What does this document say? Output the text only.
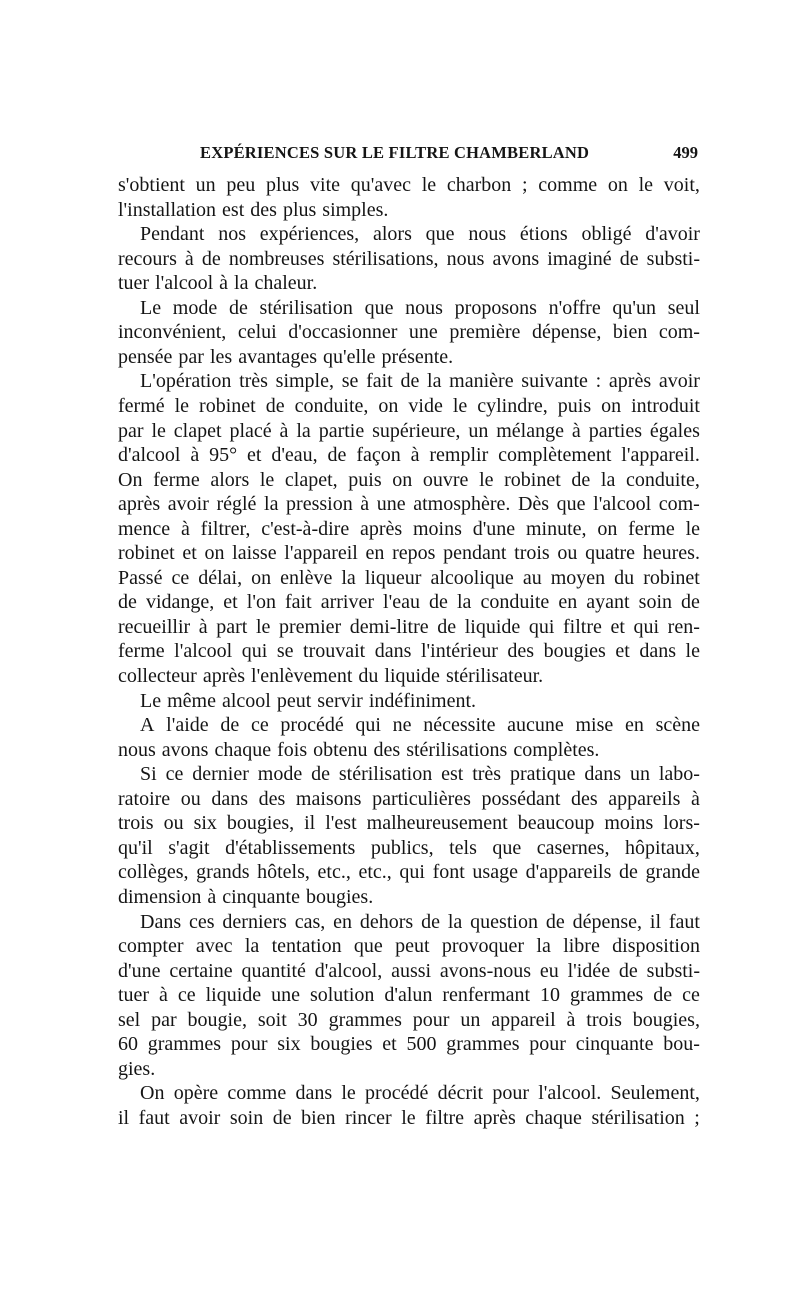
EXPÉRIENCES SUR LE FILTRE CHAMBERLAND	499
s'obtient un peu plus vite qu'avec le charbon ; comme on le voit,
l'installation est des plus simples.
Pendant nos expériences, alors que nous étions obligé d'avoir
recours à de nombreuses stérilisations, nous avons imaginé de substi-
tuer l'alcool à la chaleur.
Le mode de stérilisation que nous proposons n'offre qu'un seul
inconvénient, celui d'occasionner une première dépense, bien com-
pensée par les avantages qu'elle présente.
L'opération très simple, se fait de la manière suivante : après avoir
fermé le robinet de conduite, on vide le cylindre, puis on introduit
par le clapet placé à la partie supérieure, un mélange à parties égales
d'alcool à 95° et d'eau, de façon à remplir complètement l'appareil.
On ferme alors le clapet, puis on ouvre le robinet de la conduite,
après avoir réglé la pression à une atmosphère. Dès que l'alcool com-
mence à filtrer, c'est-à-dire après moins d'une minute, on ferme le
robinet et on laisse l'appareil en repos pendant trois ou quatre heures.
Passé ce délai, on enlève la liqueur alcoolique au moyen du robinet
de vidange, et l'on fait arriver l'eau de la conduite en ayant soin de
recueillir à part le premier demi-litre de liquide qui filtre et qui ren-
ferme l'alcool qui se trouvait dans l'intérieur des bougies et dans le
collecteur après l'enlèvement du liquide stérilisateur.
Le même alcool peut servir indéfiniment.
A l'aide de ce procédé qui ne nécessite aucune mise en scène
nous avons chaque fois obtenu des stérilisations complètes.
Si ce dernier mode de stérilisation est très pratique dans un labo-
ratoire ou dans des maisons particulières possédant des appareils à
trois ou six bougies, il l'est malheureusement beaucoup moins lors-
qu'il s'agit d'établissements publics, tels que casernes, hôpitaux,
collèges, grands hôtels, etc., etc., qui font usage d'appareils de grande
dimension à cinquante bougies.
Dans ces derniers cas, en dehors de la question de dépense, il faut
compter avec la tentation que peut provoquer la libre disposition
d'une certaine quantité d'alcool, aussi avons-nous eu l'idée de substi-
tuer à ce liquide une solution d'alun renfermant 10 grammes de ce
sel par bougie, soit 30 grammes pour un appareil à trois bougies,
60 grammes pour six bougies et 500 grammes pour cinquante bou-
gies.
On opère comme dans le procédé décrit pour l'alcool. Seulement,
il faut avoir soin de bien rincer le filtre après chaque stérilisation ;
